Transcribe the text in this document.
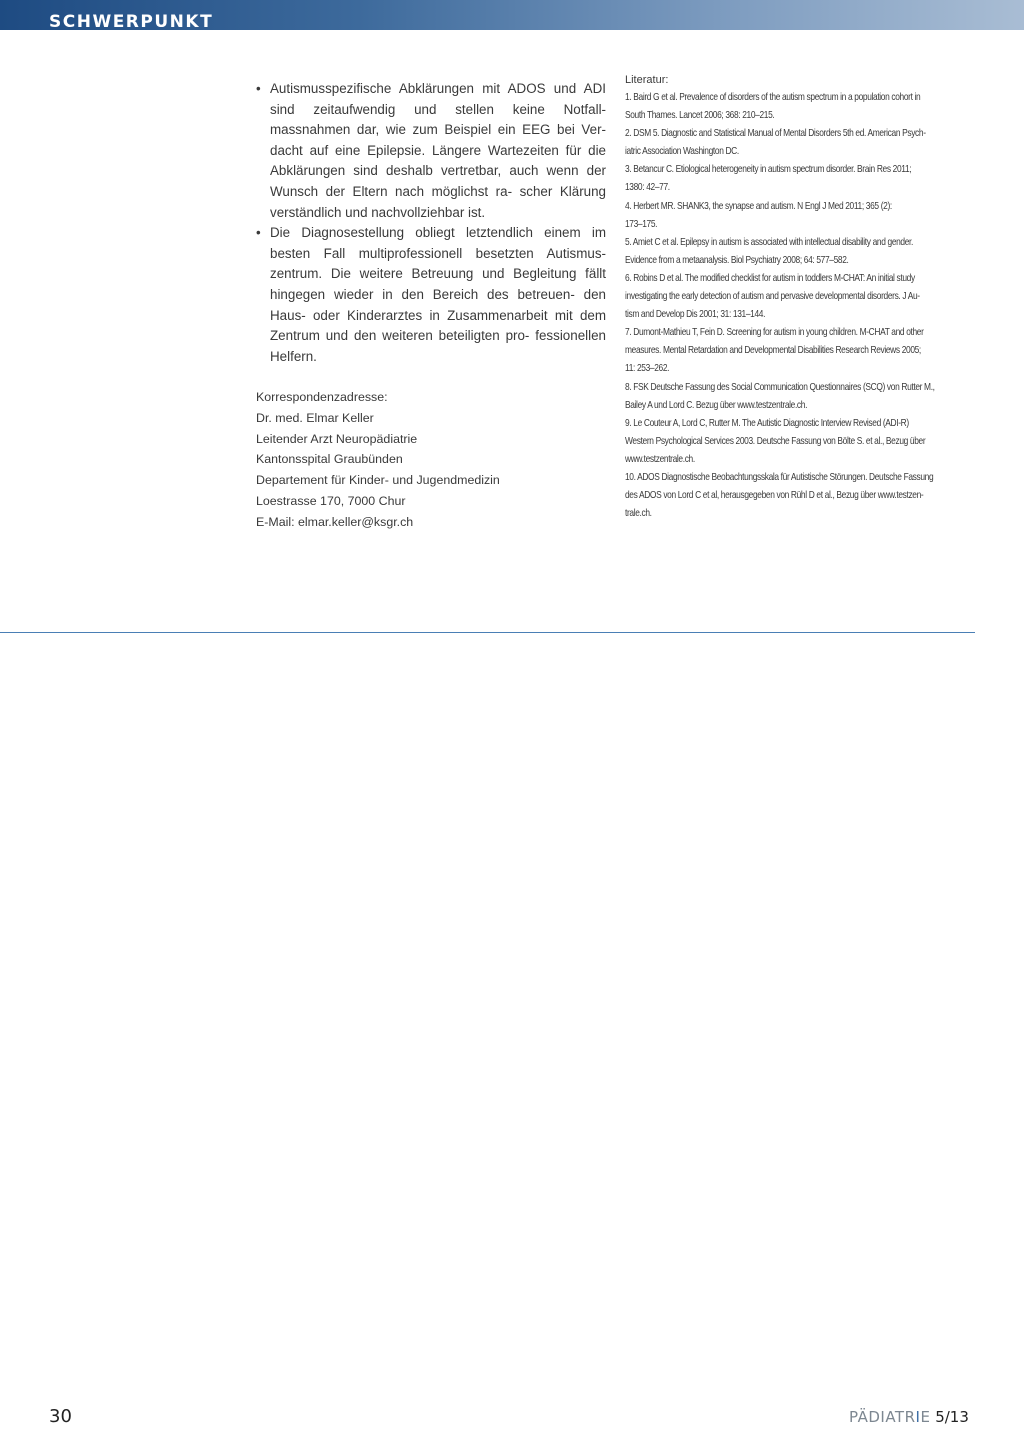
SCHWERPUNKT
• Autismusspezifische Abklärungen mit ADOS und ADI sind zeitaufwendig und stellen keine Notfall- massnahmen dar, wie zum Beispiel ein EEG bei Ver- dacht auf eine Epilepsie. Längere Wartezeiten für die Abklärungen sind deshalb vertretbar, auch wenn der Wunsch der Eltern nach möglichst ra- scher Klärung verständlich und nachvollziehbar ist.
• Die Diagnosestellung obliegt letztendlich einem im besten Fall multiprofessionell besetzten Autismus- zentrum. Die weitere Betreuung und Begleitung fällt hingegen wieder in den Bereich des betreuen- den Haus- oder Kinderarztes in Zusammenarbeit mit dem Zentrum und den weiteren beteiligten pro- fessionellen Helfern.
Korrespondenzadresse:
Dr. med. Elmar Keller
Leitender Arzt Neuropädiatrie
Kantonsspital Graubünden
Departement für Kinder- und Jugendmedizin
Loestrasse 170, 7000 Chur
E-Mail: elmar.keller@ksgr.ch
Literatur:
1. Baird G et al. Prevalence of disorders of the autism spectrum in a population cohort in
South Thames. Lancet 2006; 368: 210–215.
2. DSM 5. Diagnostic and Statistical Manual of Mental Disorders 5th ed. American Psych-
iatric Association Washington DC.
3. Betancur C. Etiological heterogeneity in autism spectrum disorder. Brain Res 2011;
1380: 42–77.
4. Herbert MR. SHANK3, the synapse and autism. N Engl J Med 2011; 365 (2):
173–175.
5. Amiet C et al. Epilepsy in autism is associated with intellectual disability and gender.
Evidence from a metaanalysis. Biol Psychiatry 2008; 64: 577–582.
6. Robins D et al. The modified checklist for autism in toddlers M-CHAT: An initial study
investigating the early detection of autism and pervasive developmental disorders. J Au-
tism and Develop Dis 2001; 31: 131–144.
7. Dumont-Mathieu T, Fein D. Screening for autism in young children. M-CHAT and other
measures. Mental Retardation and Developmental Disabilities Research Reviews 2005;
11: 253–262.
8. FSK Deutsche Fassung des Social Communication Questionnaires (SCQ) von Rutter M.,
Bailey A und Lord C. Bezug über www.testzentrale.ch.
9. Le Couteur A, Lord C, Rutter M. The Autistic Diagnostic Interview Revised (ADI-R)
Western Psychological Services 2003. Deutsche Fassung von Bölte S. et al., Bezug über
www.testzentrale.ch.
10. ADOS Diagnostische Beobachtungsskala für Autistische Störungen. Deutsche Fassung
des ADOS von Lord C et al, herausgegeben von Rühl D et al., Bezug über www.testzen-
trale.ch.
30	PÄDIATRIE 5/13
